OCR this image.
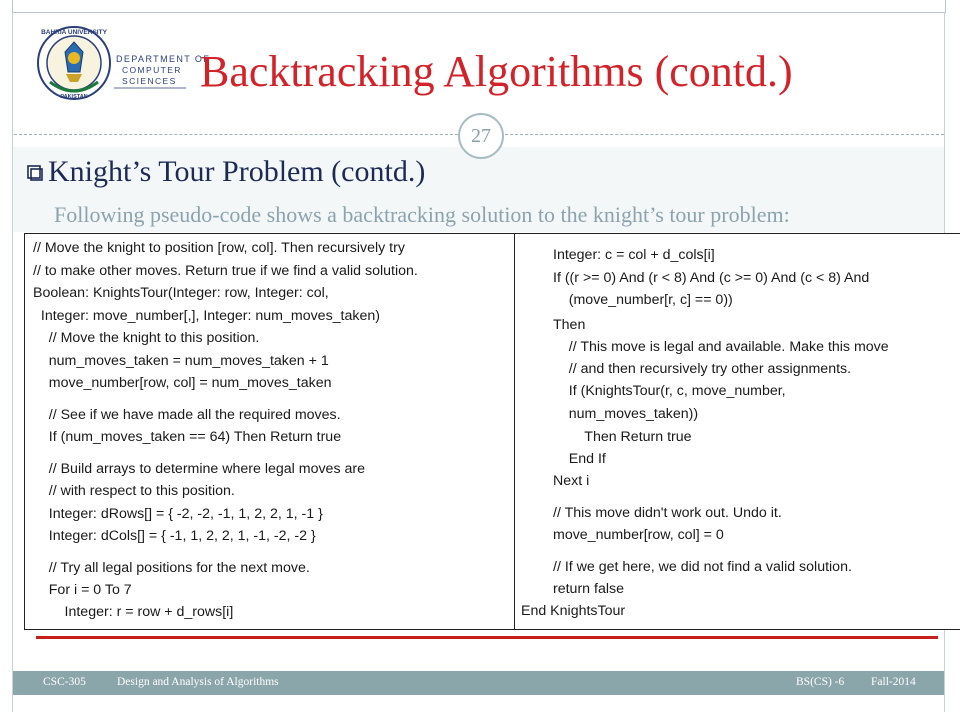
BAHRIA UNIVERSITY
PAKISTAN
DEPARTMENT OF
COMPUTER
SCIENCES Backtracking Algorithms (contd.)
27
Knight’s Tour Problem (contd.)
Following pseudo-code shows a backtracking solution to the knight’s tour problem:
// Move the knight to position [row, col]. Then recursively try
// to make other moves. Return true if we find a valid solution.
Boolean: KnightsTour(Integer: row, Integer: col,
Integer: move_number[,], Integer: num_moves_taken)
// Move the knight to this position.
num_moves_taken = num_moves_taken + 1
move_number[row, col] = num_moves_taken
// See if we have made all the required moves.
If (num_moves_taken == 64) Then Return true
// Build arrays to determine where legal moves are
// with respect to this position.
Integer: dRows[] = { -2, -2, -1, 1, 2, 2, 1, -1 }
Integer: dCols[] = { -1, 1, 2, 2, 1, -1, -2, -2 }
// Try all legal positions for the next move.
For i = 0 To 7
Integer: r = row + d_rows[i]
Integer: c = col + d_cols[i]
If ((r >= 0) And (r < 8) And (c >= 0) And (c < 8) And
(move_number[r, c] == 0))
Then
// This move is legal and available. Make this move
// and then recursively try other assignments.
If (KnightsTour(r, c, move_number,
num_moves_taken))
Then Return true
End If
Next i
// This move didn't work out. Undo it.
move_number[row, col] = 0
// If we get here, we did not find a valid solution.
return false
End KnightsTour
CSC-305	Design and Analysis of Algorithms	BS(CS) -6 Fall-2014
